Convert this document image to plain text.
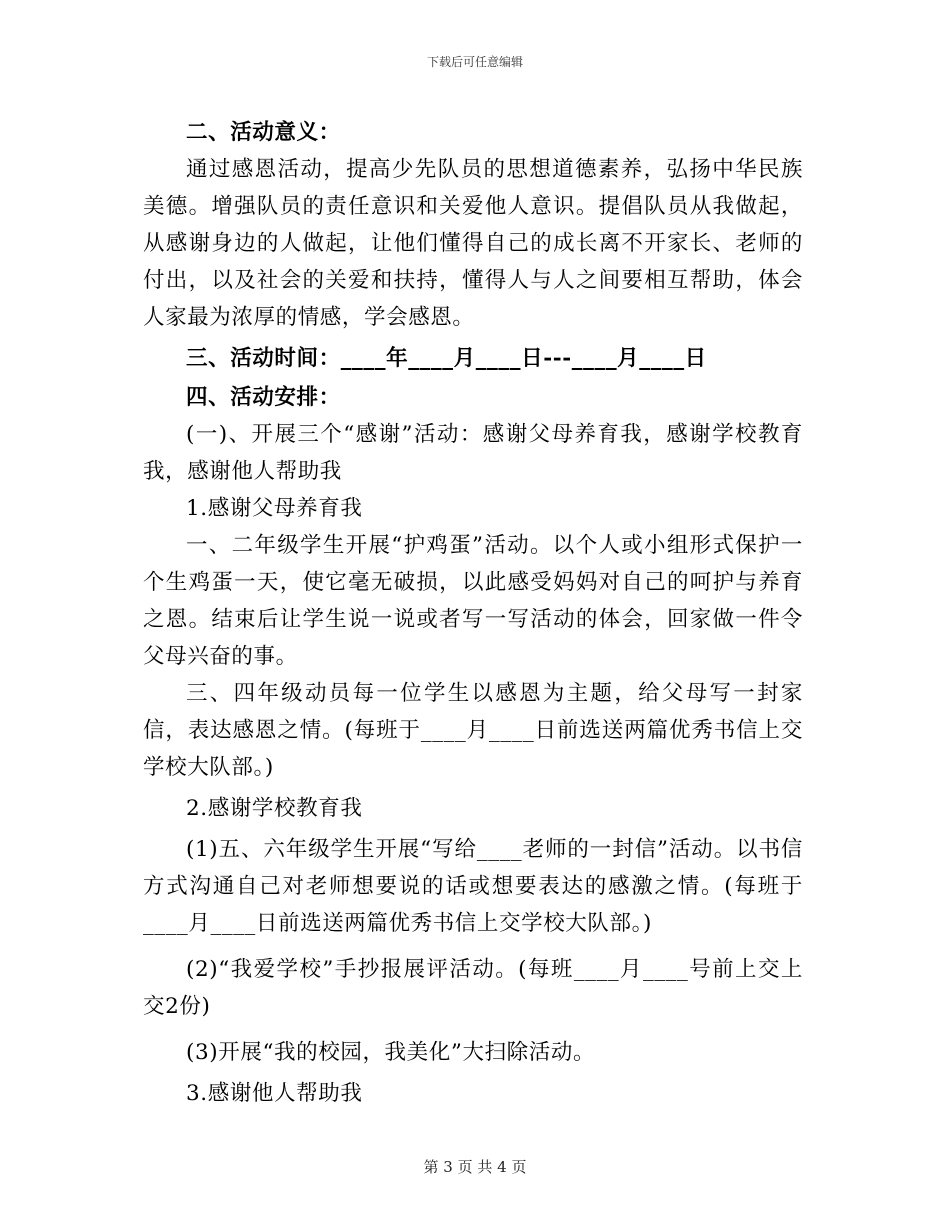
下载后可任意编辑

二、活动意义：

通过感恩活动，提高少先队员的思想道德素养，弘扬中华民族美德。增强队员的责任意识和关爱他人意识。提倡队员从我做起，从感谢身边的人做起，让他们懂得自己的成长离不开家长、老师的付出，以及社会的关爱和扶持，懂得人与人之间要相互帮助，体会人家最为浓厚的情感，学会感恩。

三、活动时间：____年____月____日---____月____日

四、活动安排：

(一)、开展三个“感谢”活动：感谢父母养育我，感谢学校教育我，感谢他人帮助我

1.感谢父母养育我

一、二年级学生开展“护鸡蛋”活动。以个人或小组形式保护一个生鸡蛋一天，使它毫无破损，以此感受妈妈对自己的呵护与养育之恩。结束后让学生说一说或者写一写活动的体会，回家做一件令父母兴奋的事。

三、四年级动员每一位学生以感恩为主题，给父母写一封家信，表达感恩之情。(每班于____月____日前选送两篇优秀书信上交学校大队部。)

2.感谢学校教育我

(1)五、六年级学生开展“写给____老师的一封信”活动。以书信方式沟通自己对老师想要说的话或想要表达的感激之情。(每班于____月____日前选送两篇优秀书信上交学校大队部。)

(2)“我爱学校”手抄报展评活动。(每班____月____号前上交上交2份)

(3)开展“我的校园，我美化”大扫除活动。

3.感谢他人帮助我

第 3 页 共 4 页
